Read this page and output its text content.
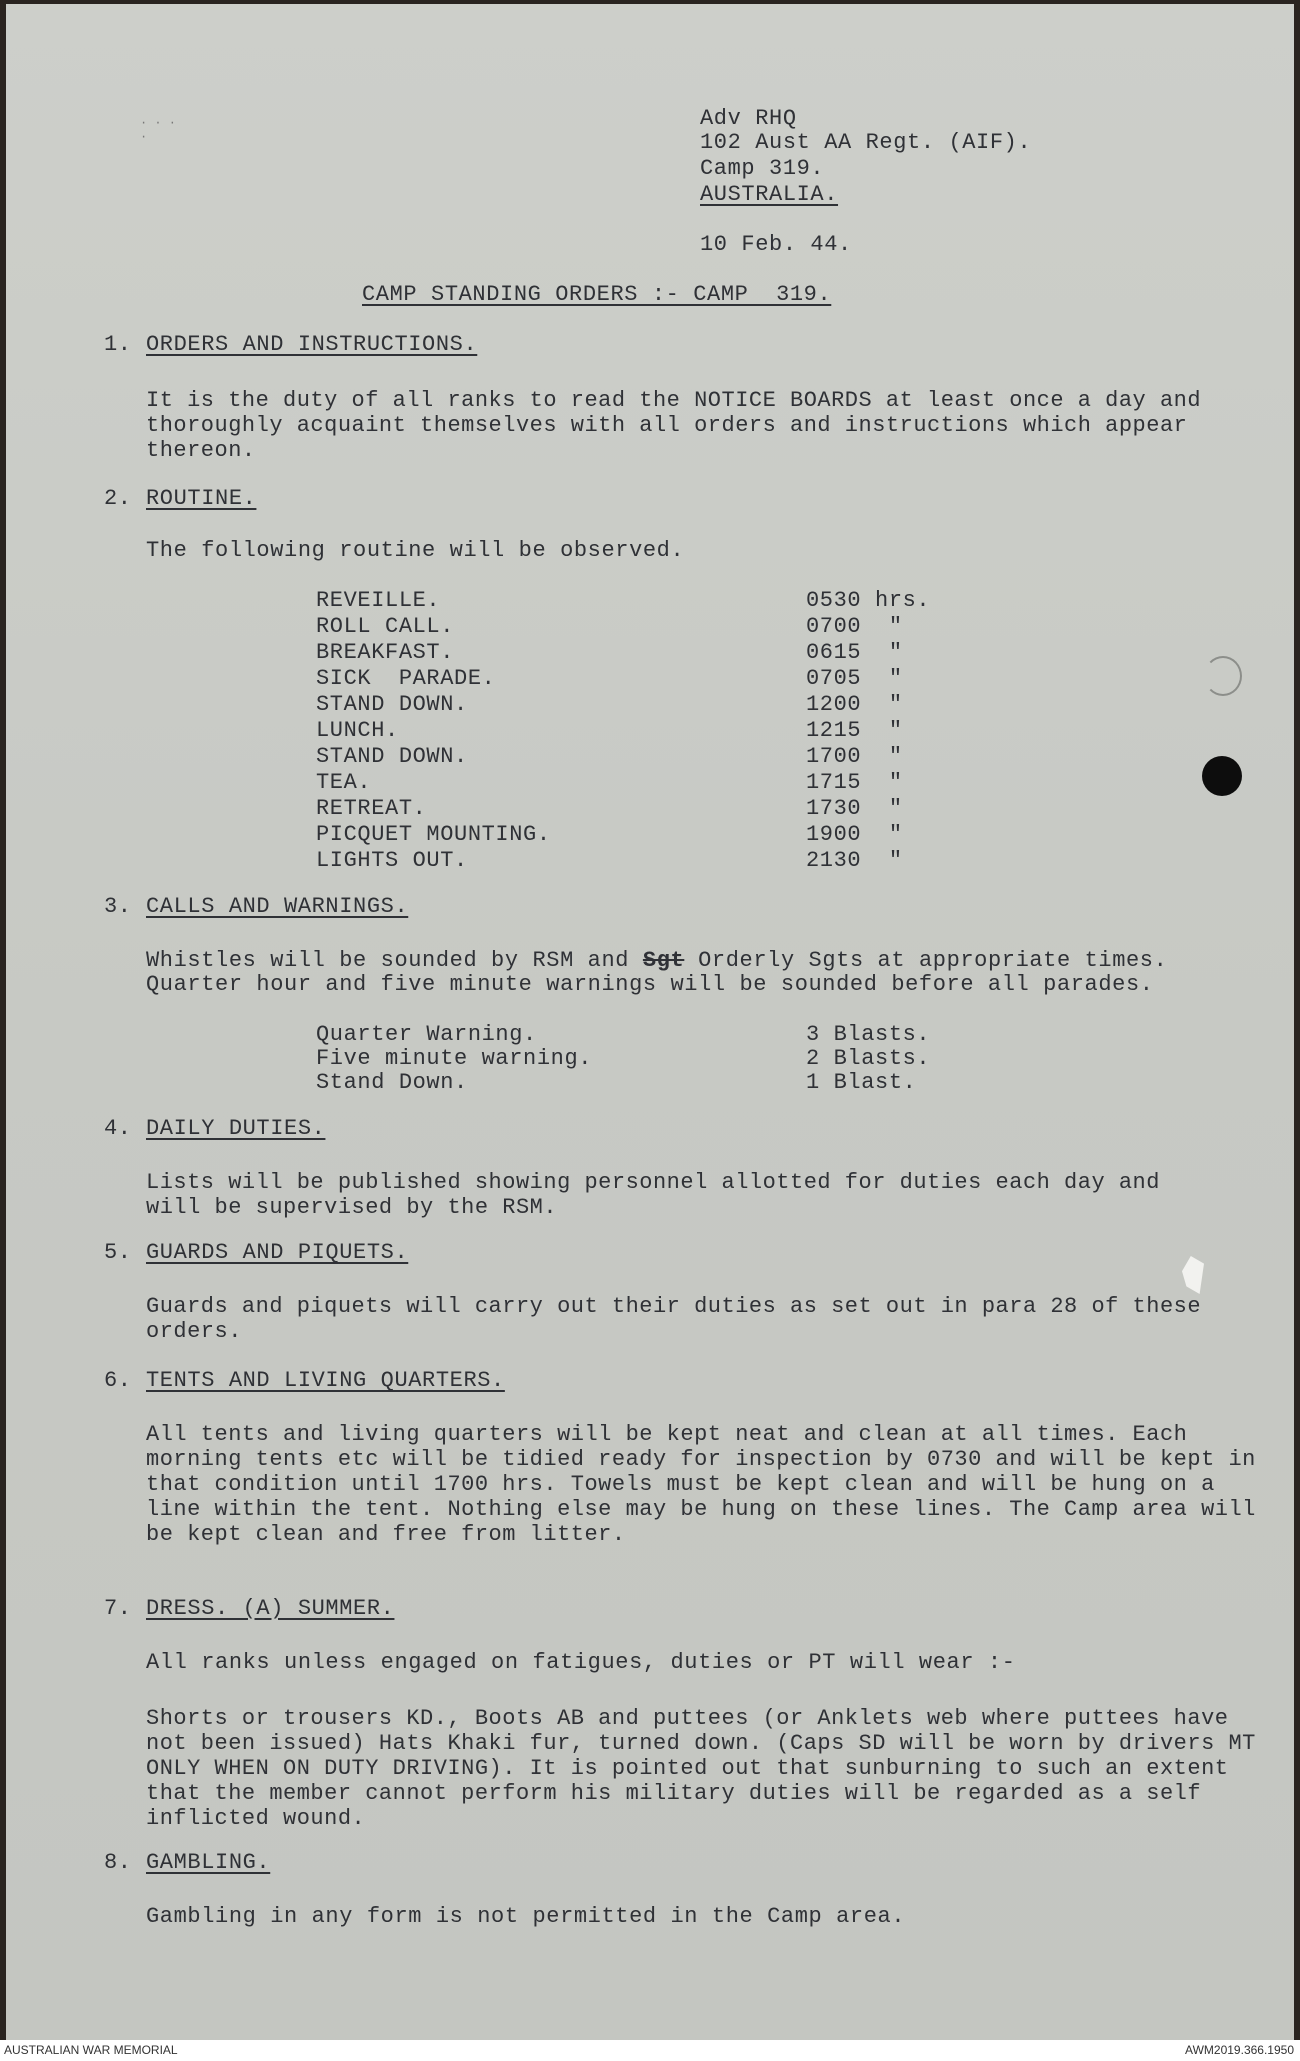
· · · ·
Adv RHQ
102 Aust AA Regt. (AIF).
Camp 319.
AUSTRALIA.
10 Feb. 44.
CAMP STANDING ORDERS :- CAMP  319.
1. ORDERS AND INSTRUCTIONS.
It is the duty of all ranks to read the NOTICE BOARDS at least once a day and thoroughly acquaint themselves with all orders and instructions which appear thereon.
2. ROUTINE.
The following routine will be observed.
REVEILLE.	0530 hrs.
ROLL CALL.	0700  "
BREAKFAST.	0615  "
SICK  PARADE.	0705  "
STAND DOWN.	1200  "
LUNCH.	1215  "
STAND DOWN.	1700  "
TEA.	1715  "
RETREAT.	1730  "
PICQUET MOUNTING.	1900  "
LIGHTS OUT.	2130  "
3. CALLS AND WARNINGS.
Whistles will be sounded by RSM and Sgt Orderly Sgts at appropriate times.
Quarter hour and five minute warnings will be sounded before all parades.
Quarter Warning.	3 Blasts.
Five minute warning.	2 Blasts.
Stand Down.	1 Blast.
4. DAILY DUTIES.
Lists will be published showing personnel allotted for duties each day and will be supervised by the RSM.
5. GUARDS AND PIQUETS.
Guards and piquets will carry out their duties as set out in para 28 of these orders.
6. TENTS AND LIVING QUARTERS.
All tents and living quarters will be kept neat and clean at all times. Each morning tents etc will be tidied ready for inspection by 0730 and will be kept in that condition until 1700 hrs. Towels must be kept clean and will be hung on a line within the tent. Nothing else may be hung on these lines. The Camp area will be kept clean and free from litter.
7. DRESS. (A) SUMMER.
All ranks unless engaged on fatigues, duties or PT will wear :-
Shorts or trousers KD., Boots AB and puttees (or Anklets web where puttees have not been issued) Hats Khaki fur, turned down. (Caps SD will be worn by drivers MT ONLY WHEN ON DUTY DRIVING). It is pointed out that sunburning to such an extent that the member cannot perform his military duties will be regarded as a self inflicted wound.
8. GAMBLING.
Gambling in any form is not permitted in the Camp area.
AUSTRALIAN WAR MEMORIAL	AWM2019.366.1950
